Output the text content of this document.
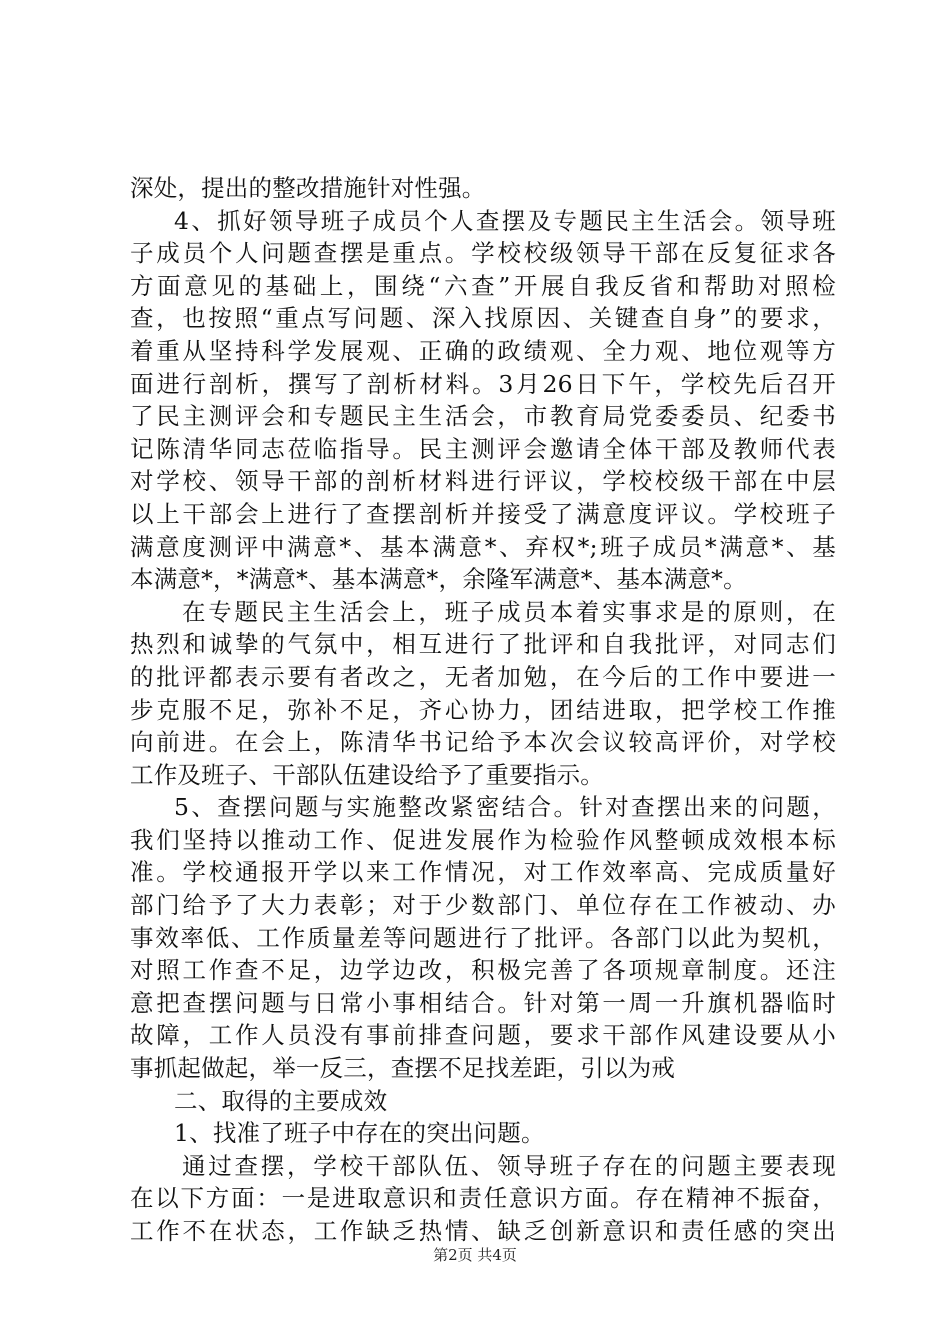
深处，提出的整改措施针对性强。
4、抓好领导班子成员个人查摆及专题民主生活会。领导班
子成员个人问题查摆是重点。学校校级领导干部在反复征求各
方面意见的基础上，围绕“六查”开展自我反省和帮助对照检
查，也按照“重点写问题、深入找原因、关键查自身”的要求，
着重从坚持科学发展观、正确的政绩观、全力观、地位观等方
面进行剖析，撰写了剖析材料。3月26日下午，学校先后召开
了民主测评会和专题民主生活会，市教育局党委委员、纪委书
记陈清华同志莅临指导。民主测评会邀请全体干部及教师代表
对学校、领导干部的剖析材料进行评议，学校校级干部在中层
以上干部会上进行了查摆剖析并接受了满意度评议。学校班子
满意度测评中满意*、基本满意*、弃权*;班子成员*满意*、基
本满意*，*满意*、基本满意*，余隆军满意*、基本满意*。
在专题民主生活会上，班子成员本着实事求是的原则，在
热烈和诚挚的气氛中，相互进行了批评和自我批评，对同志们
的批评都表示要有者改之，无者加勉，在今后的工作中要进一
步克服不足，弥补不足，齐心协力，团结进取，把学校工作推
向前进。在会上，陈清华书记给予本次会议较高评价，对学校
工作及班子、干部队伍建设给予了重要指示。
5、查摆问题与实施整改紧密结合。针对查摆出来的问题，
我们坚持以推动工作、促进发展作为检验作风整顿成效根本标
准。学校通报开学以来工作情况，对工作效率高、完成质量好
部门给予了大力表彰；对于少数部门、单位存在工作被动、办
事效率低、工作质量差等问题进行了批评。各部门以此为契机，
对照工作查不足，边学边改，积极完善了各项规章制度。还注
意把查摆问题与日常小事相结合。针对第一周一升旗机器临时
故障，工作人员没有事前排查问题，要求干部作风建设要从小
事抓起做起，举一反三，查摆不足找差距，引以为戒
二、取得的主要成效
1、找准了班子中存在的突出问题。
通过查摆，学校干部队伍、领导班子存在的问题主要表现
在以下方面：一是进取意识和责任意识方面。存在精神不振奋，
工作不在状态，工作缺乏热情、缺乏创新意识和责任感的突出
第2页 共4页
